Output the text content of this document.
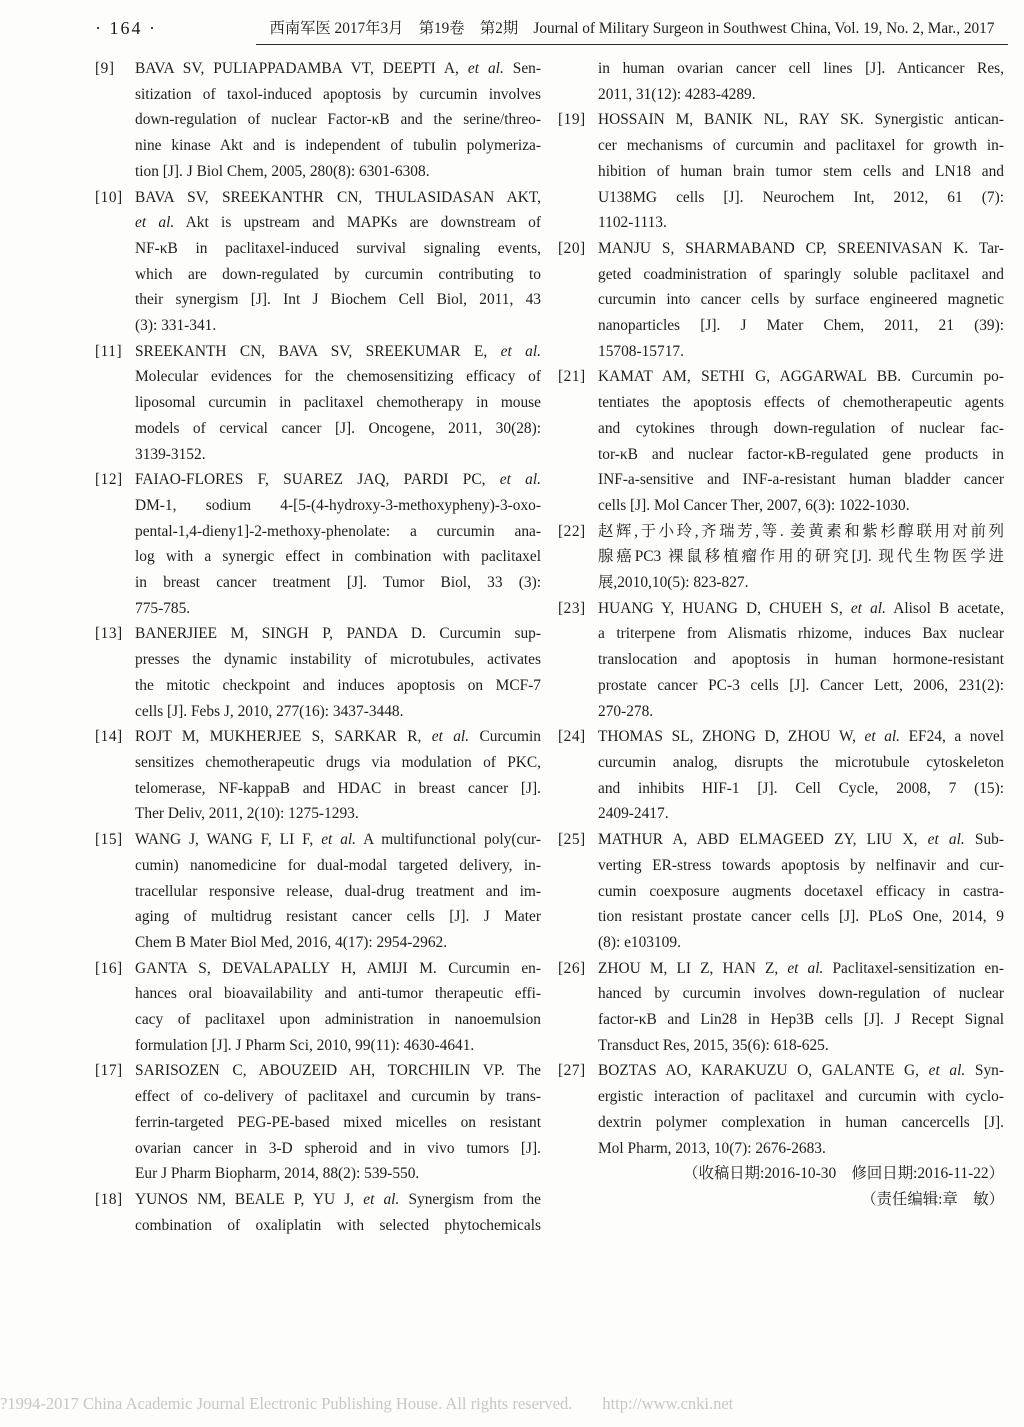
· 164 ·	西南军医 2017年3月　第19卷　第2期　Journal of Military Surgeon in Southwest China, Vol. 19, No. 2, Mar., 2017
[9]	BAVA SV, PULIAPPADAMBA VT, DEEPTI A, et al. Sen-
sitization of taxol-induced apoptosis by curcumin involves
down-regulation of nuclear Factor-κB and the serine/threo-
nine kinase Akt and is independent of tubulin polymeriza-
tion [J]. J Biol Chem, 2005, 280(8): 6301-6308.
[10] BAVA SV, SREEKANTHR CN, THULASIDASAN AKT,
et al. Akt is upstream and MAPKs are downstream of
NF-κB in paclitaxel-induced survival signaling events,
which are down-regulated by curcumin contributing to
their synergism [J]. Int J Biochem Cell Biol, 2011, 43
(3): 331-341.
[11] SREEKANTH CN, BAVA SV, SREEKUMAR E, et al.
Molecular evidences for the chemosensitizing efficacy of
liposomal curcumin in paclitaxel chemotherapy in mouse
models of cervical cancer [J]. Oncogene, 2011, 30(28):
3139-3152.
[12] FAIAO-FLORES F, SUAREZ JAQ, PARDI PC, et al.
DM-1, sodium 4-[5-(4-hydroxy-3-methoxypheny)-3-oxo-
pental-1,4-dieny1]-2-methoxy-phenolate: a curcumin ana-
log with a synergic effect in combination with paclitaxel
in breast cancer treatment [J]. Tumor Biol, 33 (3):
775-785.
[13] BANERJIEE M, SINGH P, PANDA D. Curcumin sup-
presses the dynamic instability of microtubules, activates
the mitotic checkpoint and induces apoptosis on MCF-7
cells [J]. Febs J, 2010, 277(16): 3437-3448.
[14] ROJT M, MUKHERJEE S, SARKAR R, et al. Curcumin
sensitizes chemotherapeutic drugs via modulation of PKC,
telomerase, NF-kappaB and HDAC in breast cancer [J].
Ther Deliv, 2011, 2(10): 1275-1293.
[15] WANG J, WANG F, LI F, et al. A multifunctional poly(cur-
cumin) nanomedicine for dual-modal targeted delivery, in-
tracellular responsive release, dual-drug treatment and im-
aging of multidrug resistant cancer cells [J]. J Mater
Chem B Mater Biol Med, 2016, 4(17): 2954-2962.
[16] GANTA S, DEVALAPALLY H, AMIJI M. Curcumin en-
hances oral bioavailability and anti-tumor therapeutic effi-
cacy of paclitaxel upon administration in nanoemulsion
formulation [J]. J Pharm Sci, 2010, 99(11): 4630-4641.
[17] SARISOZEN C, ABOUZEID AH, TORCHILIN VP. The
effect of co-delivery of paclitaxel and curcumin by trans-
ferrin-targeted PEG-PE-based mixed micelles on resistant
ovarian cancer in 3-D spheroid and in vivo tumors [J].
Eur J Pharm Biopharm, 2014, 88(2): 539-550.
[18] YUNOS NM, BEALE P, YU J, et al. Synergism from the
combination of oxaliplatin with selected phytochemicals
in human ovarian cancer cell lines [J]. Anticancer Res,
2011, 31(12): 4283-4289.
[19] HOSSAIN M, BANIK NL, RAY SK. Synergistic antican-
cer mechanisms of curcumin and paclitaxel for growth in-
hibition of human brain tumor stem cells and LN18 and
U138MG cells [J]. Neurochem Int, 2012, 61 (7):
1102-1113.
[20] MANJU S, SHARMABAND CP, SREENIVASAN K. Tar-
geted coadministration of sparingly soluble paclitaxel and
curcumin into cancer cells by surface engineered magnetic
nanoparticles [J]. J Mater Chem, 2011, 21 (39):
15708-15717.
[21] KAMAT AM, SETHI G, AGGARWAL BB. Curcumin po-
tentiates the apoptosis effects of chemotherapeutic agents
and cytokines through down-regulation of nuclear fac-
tor-κB and nuclear factor-κB-regulated gene products in
INF-a-sensitive and INF-a-resistant human bladder cancer
cells [J]. Mol Cancer Ther, 2007, 6(3): 1022-1030.
[22] 赵辉,于小玲,齐瑞芳,等. 姜黄素和紫杉醇联用对前列
腺癌PC3 裸鼠移植瘤作用的研究[J]. 现代生物医学进
展,2010,10(5): 823-827.
[23] HUANG Y, HUANG D, CHUEH S, et al. Alisol B acetate,
a triterpene from Alismatis rhizome, induces Bax nuclear
translocation and apoptosis in human hormone-resistant
prostate cancer PC-3 cells [J]. Cancer Lett, 2006, 231(2):
270-278.
[24] THOMAS SL, ZHONG D, ZHOU W, et al. EF24, a novel
curcumin analog, disrupts the microtubule cytoskeleton
and inhibits HIF-1 [J]. Cell Cycle, 2008, 7 (15):
2409-2417.
[25] MATHUR A, ABD ELMAGEED ZY, LIU X, et al. Sub-
verting ER-stress towards apoptosis by nelfinavir and cur-
cumin coexposure augments docetaxel efficacy in castra-
tion resistant prostate cancer cells [J]. PLoS One, 2014, 9
(8): e103109.
[26] ZHOU M, LI Z, HAN Z, et al. Paclitaxel-sensitization en-
hanced by curcumin involves down-regulation of nuclear
factor-κB and Lin28 in Hep3B cells [J]. J Recept Signal
Transduct Res, 2015, 35(6): 618-625.
[27] BOZTAS AO, KARAKUZU O, GALANTE G, et al. Syn-
ergistic interaction of paclitaxel and curcumin with cyclo-
dextrin polymer complexation in human cancercells [J].
Mol Pharm, 2013, 10(7): 2676-2683.
（收稿日期:2016-10-30　修回日期:2016-11-22）
（责任编辑:章　敏）
?1994-2017 China Academic Journal Electronic Publishing House. All rights reserved. http://www.cnki.net
